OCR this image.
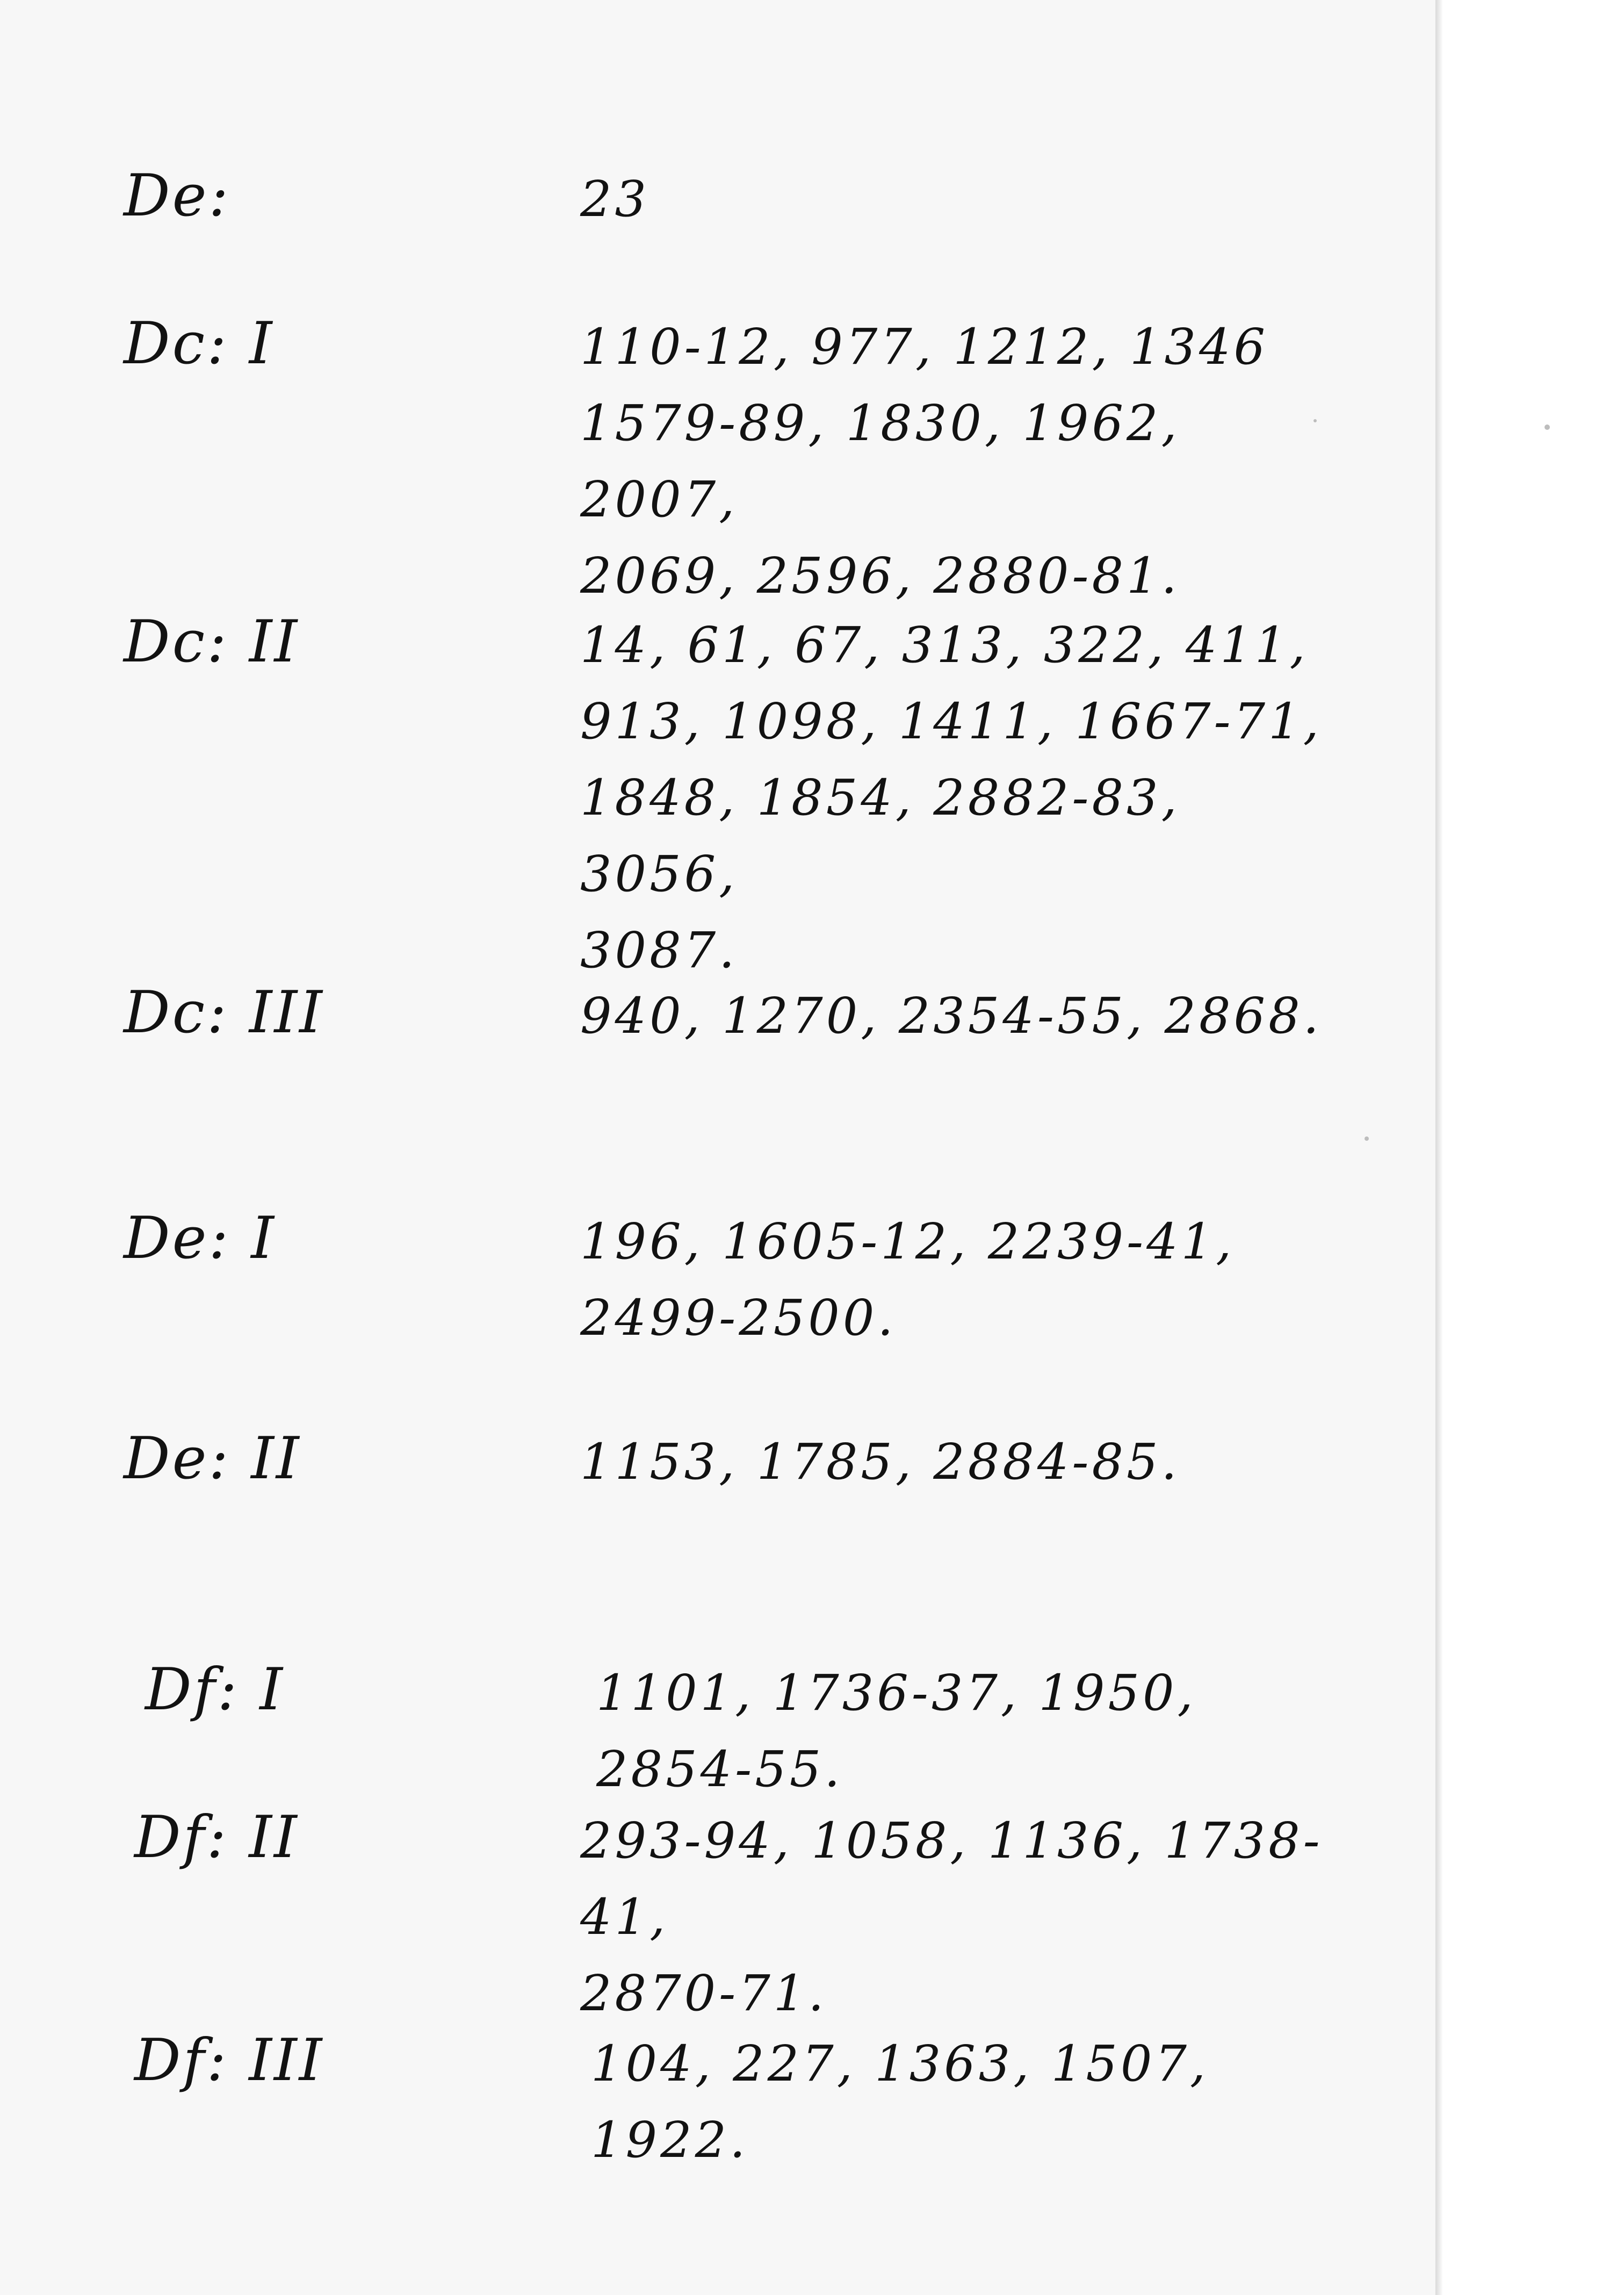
De:	23
Dc: I	110-12, 977, 1212, 1346
1579-89, 1830, 1962, 2007,
2069, 2596, 2880-81.
Dc: II	14, 61, 67, 313, 322, 411,
913, 1098, 1411, 1667-71,
1848, 1854, 2882-83, 3056,
3087.
Dc: III	940, 1270, 2354-55, 2868.
De: I	196, 1605-12, 2239-41,
2499-2500.
De: II	1153, 1785, 2884-85.
Df: I	1101, 1736-37, 1950, 2854-55.
Df: II	293-94, 1058, 1136, 1738-41,
2870-71.
Df: III	104, 227, 1363, 1507, 1922.
